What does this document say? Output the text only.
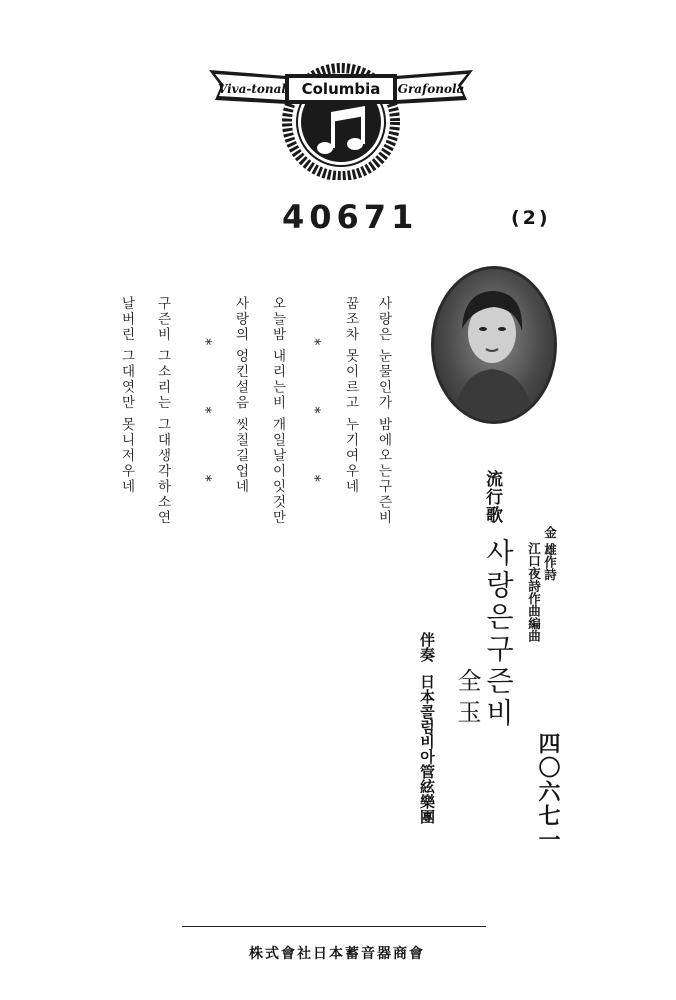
Viva-tonal Columbia Grafonola
40671	(2)
사랑은 눈물인가 밤에오는구즌비
꿈조차 못이르고 누기여우네
* * *
오늘밤 내리는비 개일날이잇것만
사랑의 엉킨설음 씻칠길업네
* * *
구즌비 그소리는 그대생각하소연
날버린 그대엿만 못니저우네
流行歌
사랑은구즌비 金 雄作詩
江口夜詩作曲編曲
全 玉
伴奏
日本콜럼비아管絃樂團	四〇六七一
株式會社日本蓄音器商會
